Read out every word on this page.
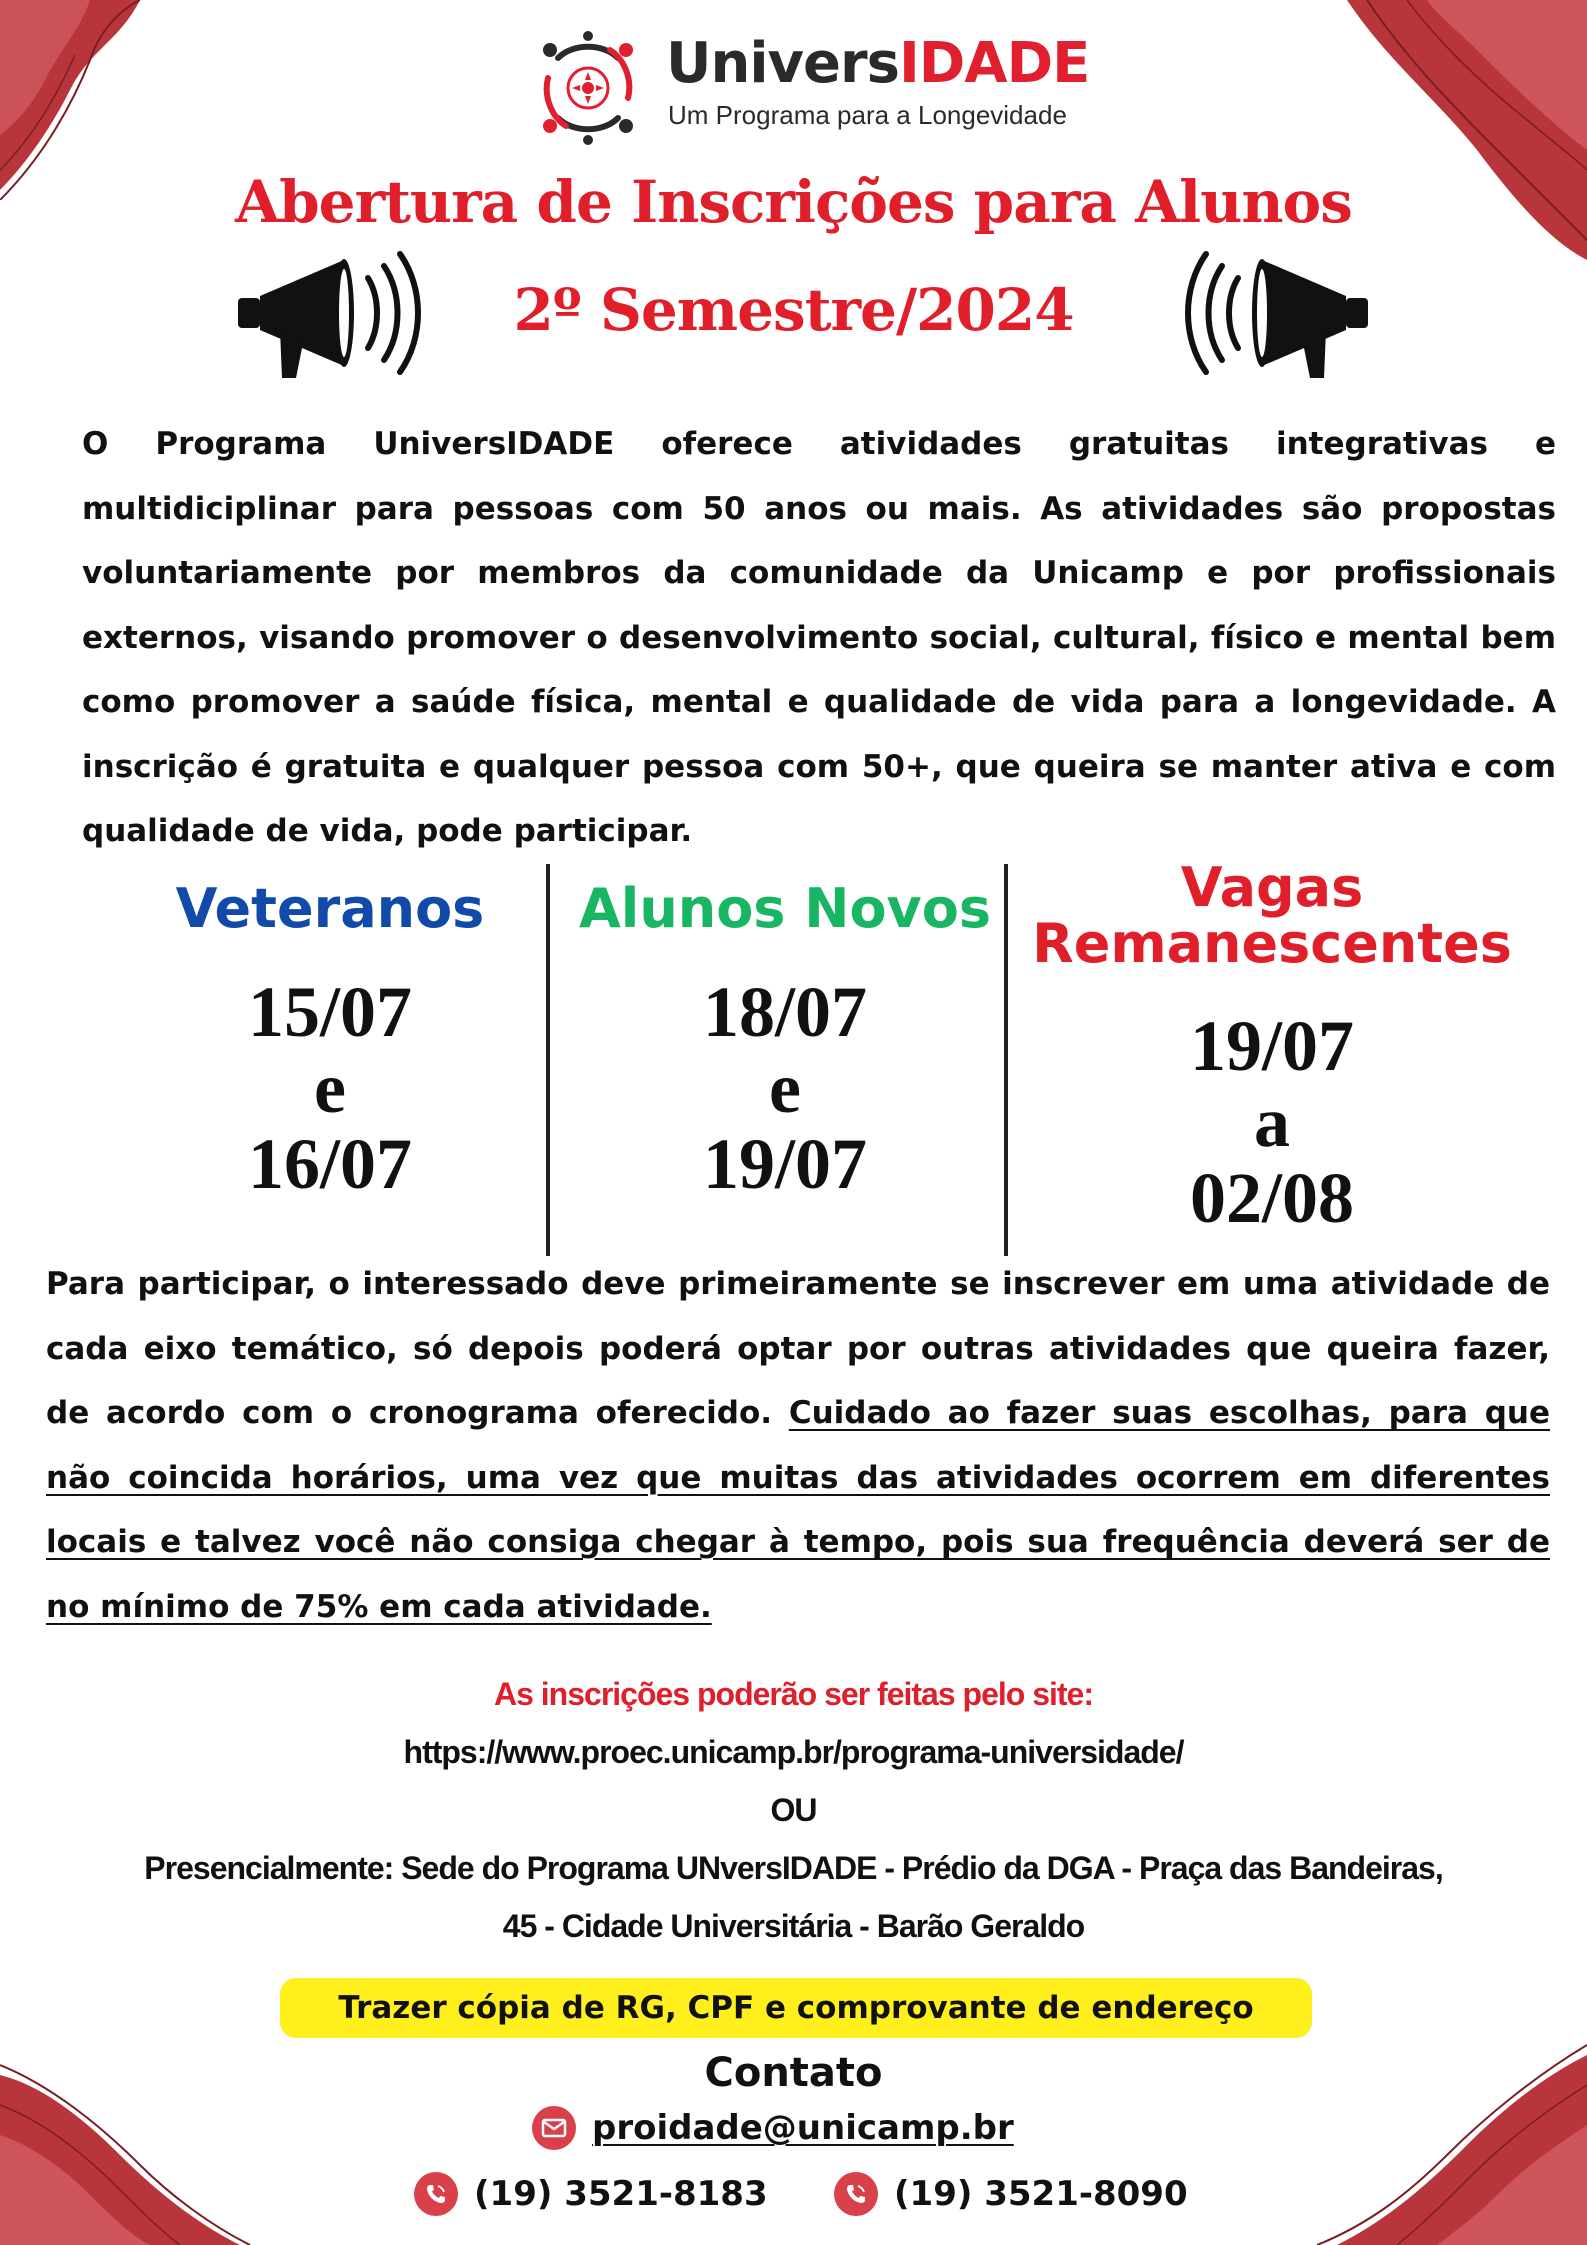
UniversIDADE
Um Programa para a Longevidade
Abertura de Inscrições para Alunos
2º Semestre/2024

O Programa UniversIDADE oferece atividades gratuitas integrativas e multidiciplinar para pessoas com 50 anos ou mais. As atividades são propostas voluntariamente por membros da comunidade da Unicamp e por profissionais externos, visando promover o desenvolvimento social, cultural, físico e mental bem como promover a saúde física, mental e qualidade de vida para a longevidade. A inscrição é gratuita e qualquer pessoa com 50+, que queira se manter ativa e com qualidade de vida, pode participar.

Veteranos
15/07
e
16/07
Alunos Novos
18/07
e
19/07
Vagas
Remanescentes
19/07
a
02/08

Para participar, o interessado deve primeiramente se inscrever em uma atividade de cada eixo temático, só depois poderá optar por outras atividades que queira fazer, de acordo com o cronograma oferecido. Cuidado ao fazer suas escolhas, para que não coincida horários, uma vez que muitas das atividades ocorrem em diferentes locais e talvez você não consiga chegar à tempo, pois sua frequência deverá ser de no mínimo de 75% em cada atividade.

As inscrições poderão ser feitas pelo site:
https://www.proec.unicamp.br/programa-universidade/
OU
Presencialmente: Sede do Programa UNversIDADE - Prédio da DGA - Praça das Bandeiras,
45 - Cidade Universitária - Barão Geraldo
Trazer cópia de RG, CPF e comprovante de endereço
Contato
proidade@unicamp.br
(19) 3521-8183	(19) 3521-8090
